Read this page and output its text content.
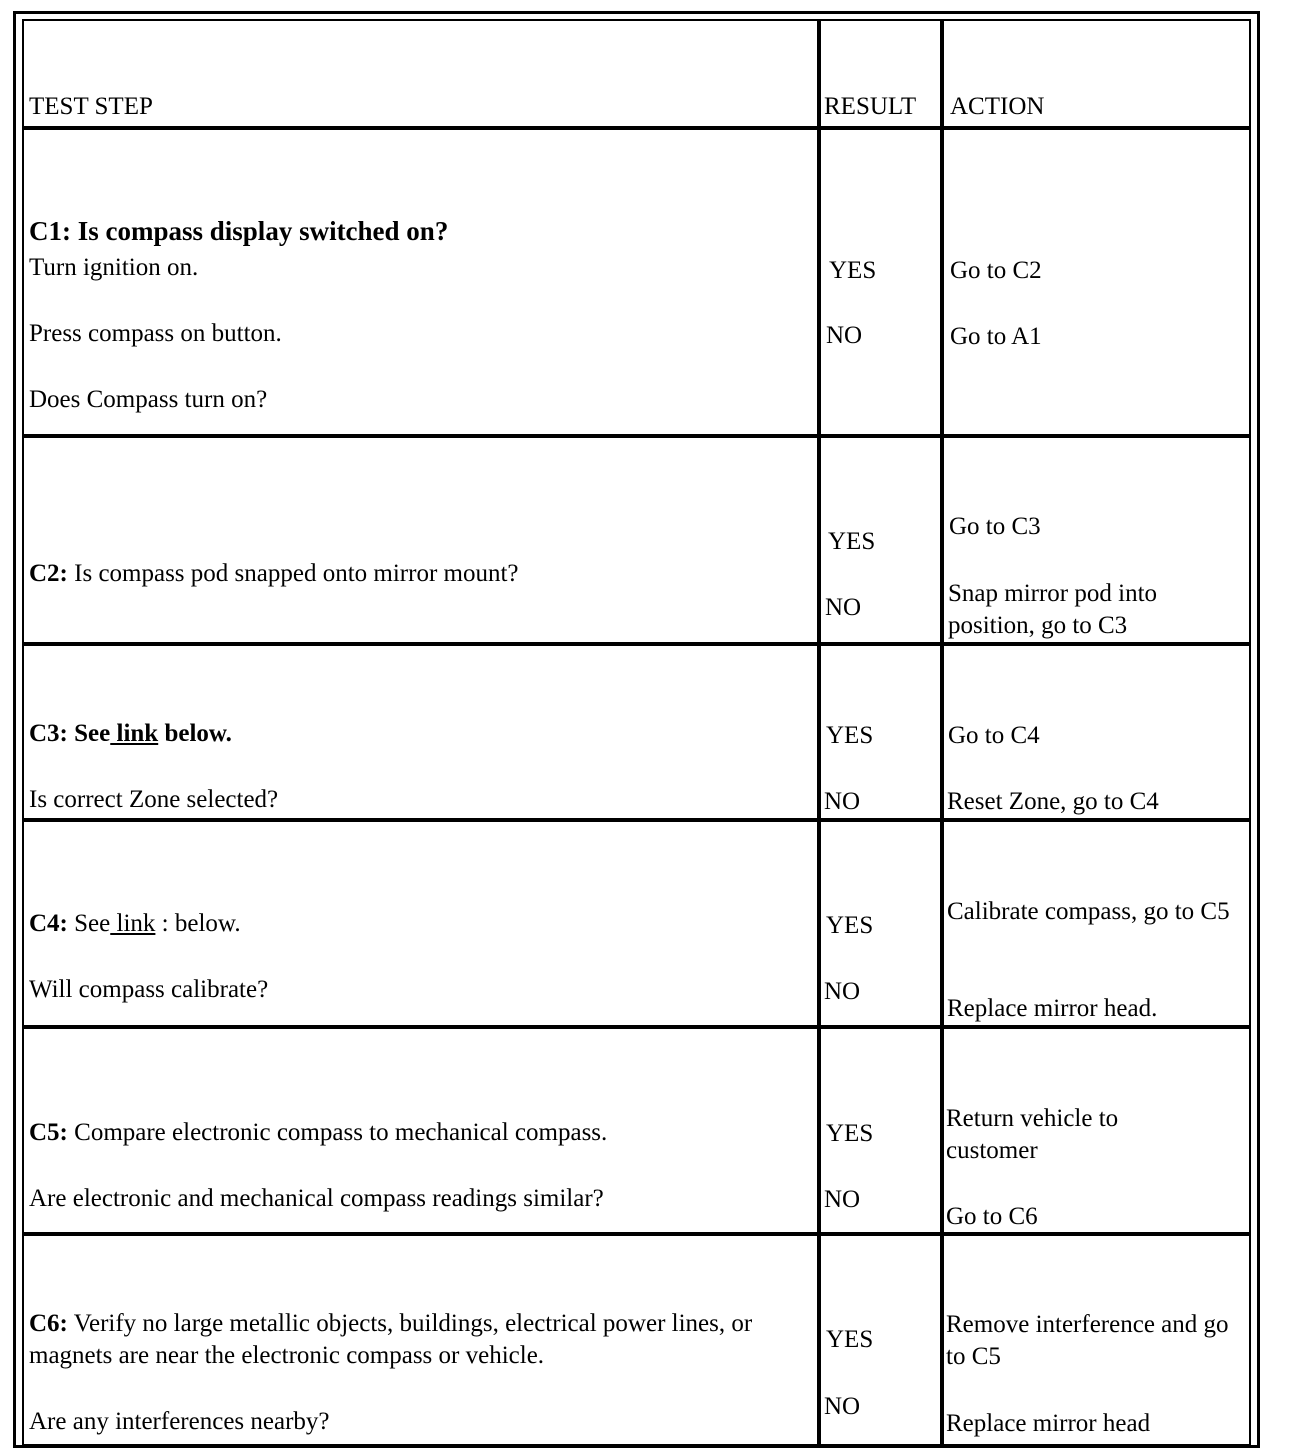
TEST STEP	RESULT ACTION
C1: Is compass display switched on?
Turn ignition on.
Press compass on button.
Does Compass turn on?
YES
NO
Go to C2
Go to A1
C2: Is compass pod snapped onto mirror mount?
YES
NO
Go to C3
Snap mirror pod into position, go to C3
C3: See link below.
Is correct Zone selected?
YES
NO
Go to C4
Reset Zone, go to C4
C4: See link : below.
Will compass calibrate?
YES
NO
Calibrate compass, go to C5
Replace mirror head.
C5: Compare electronic compass to mechanical compass.
Are electronic and mechanical compass readings similar?
YES
NO
Return vehicle to customer
Go to C6
C6: Verify no large metallic objects, buildings, electrical power lines, or magnets are near the electronic compass or vehicle.
Are any interferences nearby?
YES
NO
Remove interference and go to C5
Replace mirror head
